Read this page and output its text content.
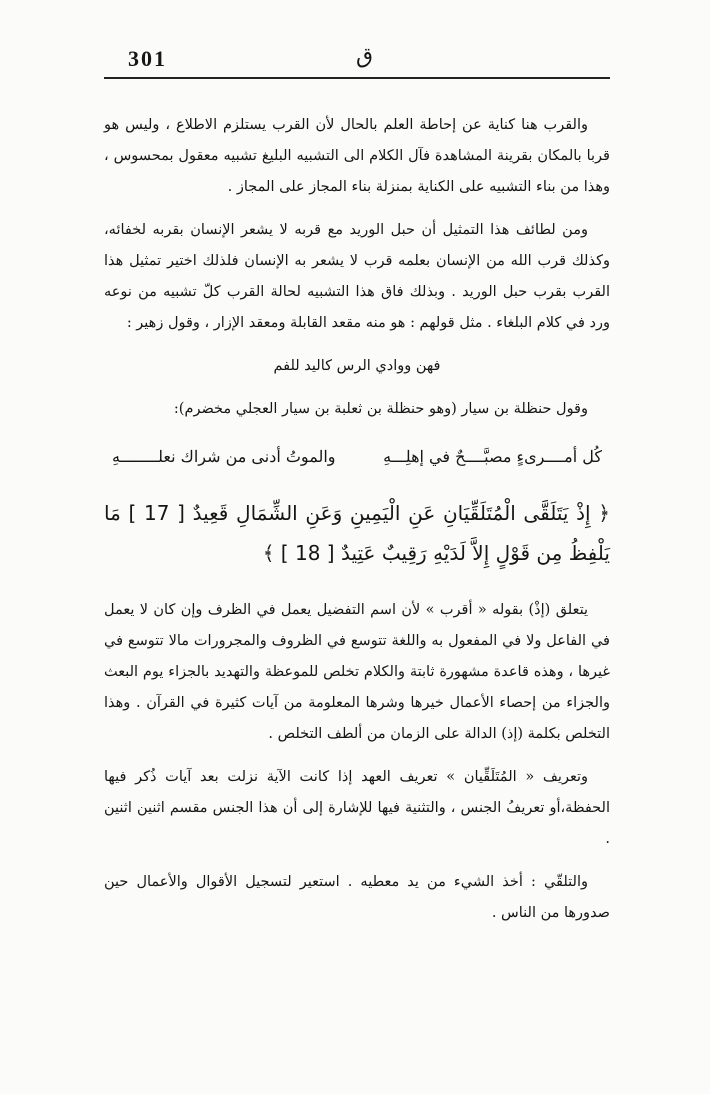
301	ق

والقرب هنا كناية عن إحاطة العلم بالحال لأن القرب يستلزم الاطلاع ، وليس هو قربا بالمكان بقرينة المشاهدة فآل الكلام الى التشبيه البليغ تشبيه معقول بمحسوس ، وهذا من بناء التشبيه على الكناية بمنزلة بناء المجاز على المجاز .

ومن لطائف هذا التمثيل أن حبل الوريد مع قربه لا يشعر الإنسان بقربه لخفائه، وكذلك قرب الله من الإنسان بعلمه قرب لا يشعر به الإنسان فلذلك اختير تمثيل هذا القرب بقرب حبل الوريد . وبذلك فاق هذا التشبيه لحالة القرب كلّ تشبيه من نوعه ورد في كلام البلغاء . مثل قولهم : هو منه مقعد القابلة ومعقد الإزار ، وقول زهير :

فهن ووادي الرس كاليد للفم

وقول حنظلة بن سيار (وهو حنظلة بن ثعلبة بن سيار العجلي مخضرم):

كُل أمــــرىءٍ مصبَّــــحٌ في إهلِـــهِ
والموتُ أدنى من شراك نعلــــــــهِ

﴿ إِذْ يَتَلَقَّى الْمُتَلَقِّيَانِ عَنِ الْيَمِينِ وَعَنِ الشِّمَالِ قَعِيدٌ [ 17 ] مَا يَلْفِظُ مِن قَوْلٍ إِلاَّ لَدَيْهِ رَقِيبٌ عَتِيدٌ [ 18 ] ﴾

يتعلق (إذْ) بقوله « أقرب » لأن اسم التفضيل يعمل في الظرف وإن كان لا يعمل في الفاعل ولا في المفعول به واللغة تتوسع في الظروف والمجرورات مالا تتوسع في غيرها ، وهذه قاعدة مشهورة ثابتة والكلام تخلص للموعظة والتهديد بالجزاء يوم البعث والجزاء من إحصاء الأعمال خيرها وشرها المعلومة من آيات كثيرة في القرآن . وهذا التخلص بكلمة (إذ) الدالة على الزمان من ألطف التخلص .

وتعريف « المُتَلَقِّيان » تعريف العهد إذا كانت الآية نزلت بعد آيات ذُكر فيها الحفظة،أو تعريفُ الجنس ، والتثنية فيها للإشارة إلى أن هذا الجنس مقسم اثنين اثنين .

والتلقّي : أخذ الشيء من يد معطيه . استعير لتسجيل الأقوال والأعمال حين صدورها من الناس .
